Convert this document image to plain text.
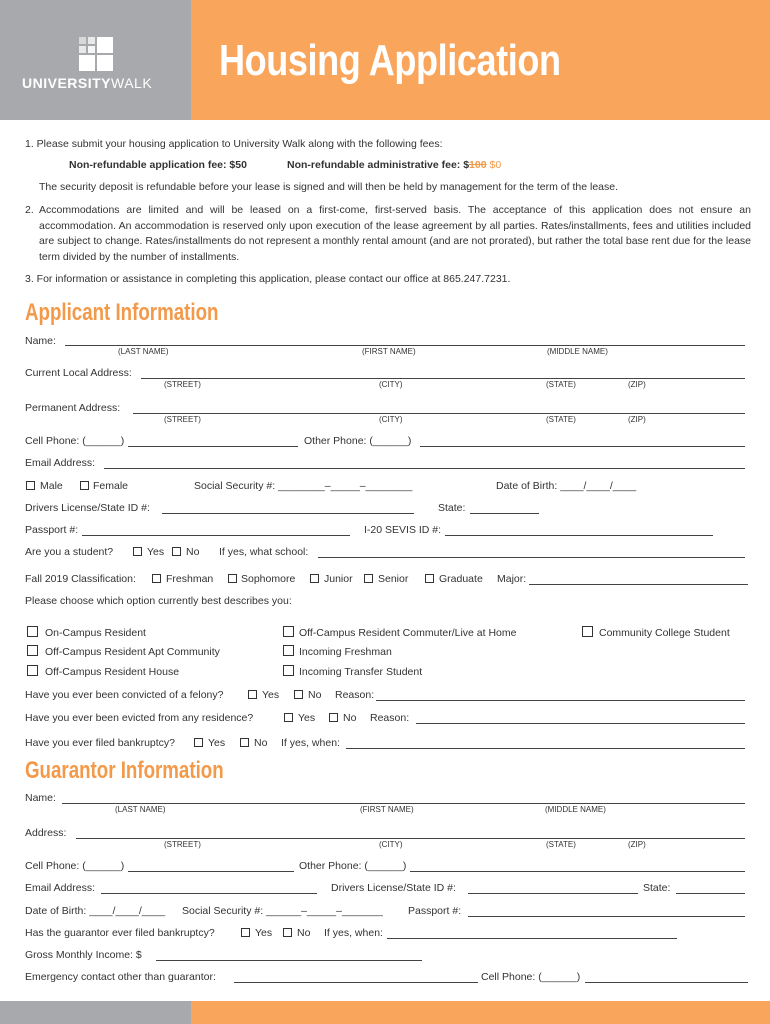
UNIVERSITYWALK Housing Application
1. Please submit your housing application to University Walk along with the following fees:
Non-refundable application fee: $50	Non-refundable administrative fee: $100 $0
The security deposit is refundable before your lease is signed and will then be held by management for the term of the lease.
2. Accommodations are limited and will be leased on a first-come, first-served basis. The acceptance of this application does not ensure an accommodation. An accommodation is reserved only upon execution of the lease agreement by all parties. Rates/installments, fees and utilities included are subject to change. Rates/installments do not represent a monthly rental amount (and are not prorated), but rather the total base rent due for the lease term divided by the number of installments.
3. For information or assistance in completing this application, please contact our office at 865.247.7231.
Applicant Information
Name:
(LAST NAME)	(FIRST NAME)	(MIDDLE NAME)
Current Local Address:
(STREET)	(CITY)	(STATE)	(ZIP)
Permanent Address:
(STREET)	(CITY)	(STATE)	(ZIP)
Cell Phone: (______)	Other Phone: (______)
Email Address:
Male	Female	Social Security #: ________–_____–________	Date of Birth: ____/____/____
Drivers License/State ID #:	State:
Passport #:	I-20 SEVIS ID #:
Are you a student?	Yes No If yes, what school:
Fall 2019 Classification:	Freshman	Sophomore	Junior Senior	Graduate Major:
Please choose which option currently best describes you:
On-Campus Resident
Off-Campus Resident Apt Community
Off-Campus Resident House
Off-Campus Resident Commuter/Live at Home
Incoming Freshman
Incoming Transfer Student
Community College Student
Have you ever been convicted of a felony?	Yes	No Reason:
Have you ever been evicted from any residence?	Yes	No Reason:
Have you ever filed bankruptcy?	Yes	No If yes, when:
Guarantor Information
Name:
(LAST NAME)	(FIRST NAME)	(MIDDLE NAME)
Address:
(STREET)	(CITY)	(STATE)	(ZIP)
Cell Phone: (______)	Other Phone: (______)
Email Address:	Drivers License/State ID #:	State:
Date of Birth: ____/____/____ Social Security #: ______–_____–_______ Passport #:
Has the guarantor ever filed bankruptcy?	Yes No If yes, when:
Gross Monthly Income: $
Emergency contact other than guarantor:	Cell Phone: (______)
